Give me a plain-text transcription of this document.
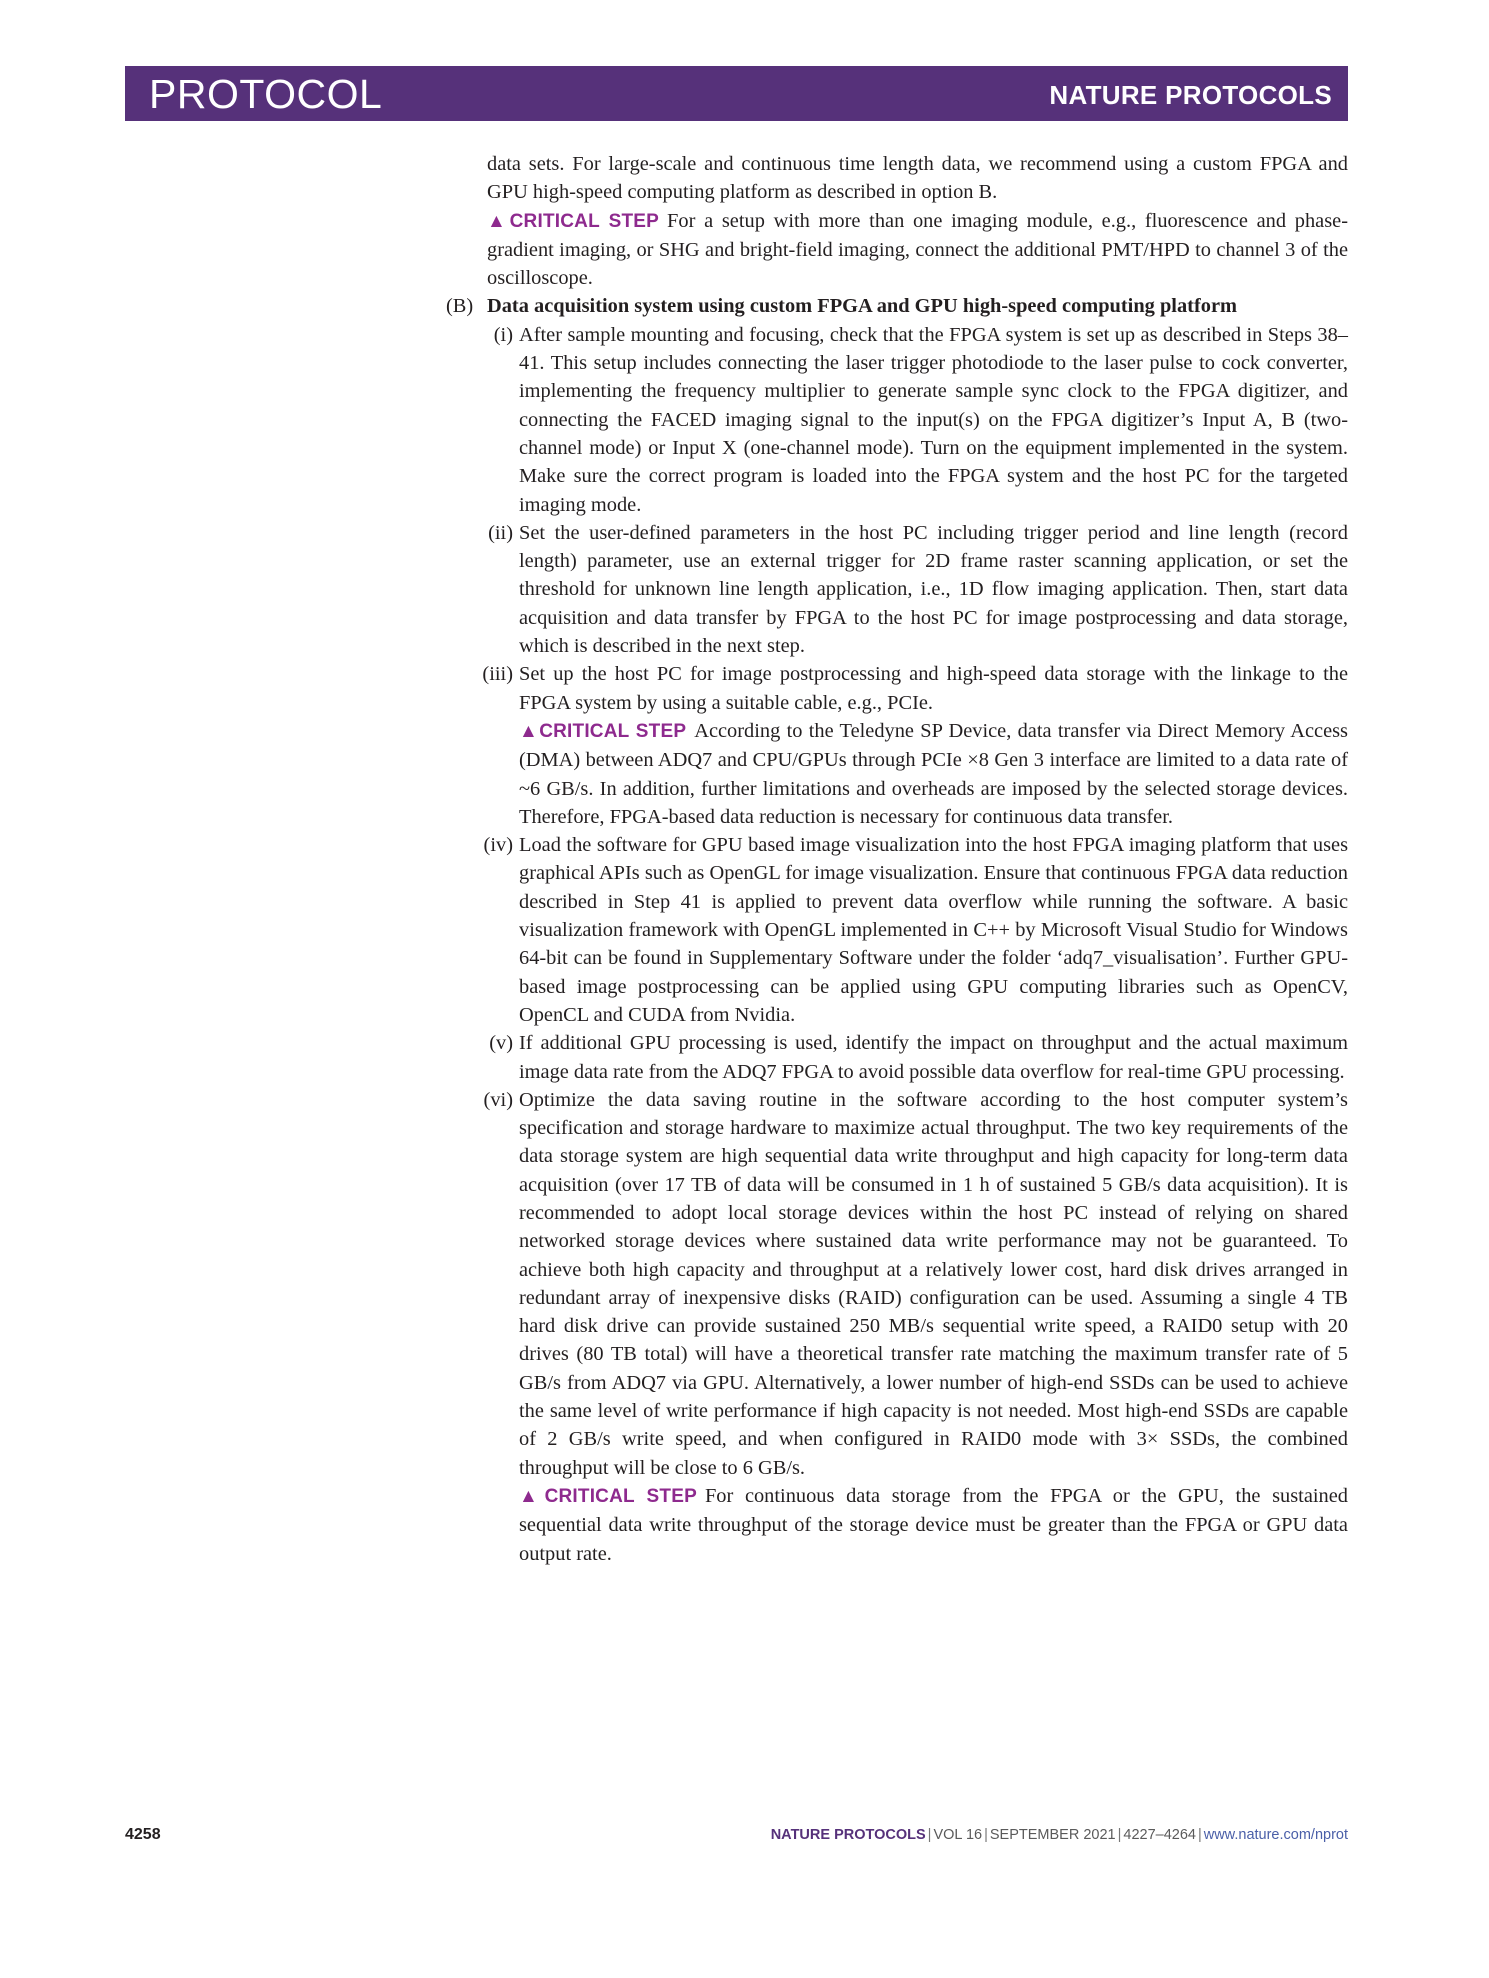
PROTOCOL	NATURE PROTOCOLS

data sets. For large-scale and continuous time length data, we recommend using a custom FPGA and GPU high-speed computing platform as described in option B.

▲CRITICAL STEP For a setup with more than one imaging module, e.g., fluorescence and phase-gradient imaging, or SHG and bright-field imaging, connect the additional PMT/HPD to channel 3 of the oscilloscope.

(B) Data acquisition system using custom FPGA and GPU high-speed computing platform

(i) After sample mounting and focusing, check that the FPGA system is set up as described in Steps 38–41. This setup includes connecting the laser trigger photodiode to the laser pulse to cock converter, implementing the frequency multiplier to generate sample sync clock to the FPGA digitizer, and connecting the FACED imaging signal to the input(s) on the FPGA digitizer’s Input A, B (two-channel mode) or Input X (one-channel mode). Turn on the equipment implemented in the system. Make sure the correct program is loaded into the FPGA system and the host PC for the targeted imaging mode.

(ii) Set the user-defined parameters in the host PC including trigger period and line length (record length) parameter, use an external trigger for 2D frame raster scanning application, or set the threshold for unknown line length application, i.e., 1D flow imaging application. Then, start data acquisition and data transfer by FPGA to the host PC for image postprocessing and data storage, which is described in the next step.

(iii) Set up the host PC for image postprocessing and high-speed data storage with the linkage to the FPGA system by using a suitable cable, e.g., PCIe.

▲CRITICAL STEP According to the Teledyne SP Device, data transfer via Direct Memory Access (DMA) between ADQ7 and CPU/GPUs through PCIe ×8 Gen 3 interface are limited to a data rate of ~6 GB/s. In addition, further limitations and overheads are imposed by the selected storage devices. Therefore, FPGA-based data reduction is necessary for continuous data transfer.

(iv) Load the software for GPU based image visualization into the host FPGA imaging platform that uses graphical APIs such as OpenGL for image visualization. Ensure that continuous FPGA data reduction described in Step 41 is applied to prevent data overflow while running the software. A basic visualization framework with OpenGL implemented in C++ by Microsoft Visual Studio for Windows 64-bit can be found in Supplementary Software under the folder ‘adq7_visualisation’. Further GPU-based image postprocessing can be applied using GPU computing libraries such as OpenCV, OpenCL and CUDA from Nvidia.

(v) If additional GPU processing is used, identify the impact on throughput and the actual maximum image data rate from the ADQ7 FPGA to avoid possible data overflow for real-time GPU processing.

(vi) Optimize the data saving routine in the software according to the host computer system’s specification and storage hardware to maximize actual throughput. The two key requirements of the data storage system are high sequential data write throughput and high capacity for long-term data acquisition (over 17 TB of data will be consumed in 1 h of sustained 5 GB/s data acquisition). It is recommended to adopt local storage devices within the host PC instead of relying on shared networked storage devices where sustained data write performance may not be guaranteed. To achieve both high capacity and throughput at a relatively lower cost, hard disk drives arranged in redundant array of inexpensive disks (RAID) configuration can be used. Assuming a single 4 TB hard disk drive can provide sustained 250 MB/s sequential write speed, a RAID0 setup with 20 drives (80 TB total) will have a theoretical transfer rate matching the maximum transfer rate of 5 GB/s from ADQ7 via GPU. Alternatively, a lower number of high-end SSDs can be used to achieve the same level of write performance if high capacity is not needed. Most high-end SSDs are capable of 2 GB/s write speed, and when configured in RAID0 mode with 3× SSDs, the combined throughput will be close to 6 GB/s.

▲CRITICAL STEP For continuous data storage from the FPGA or the GPU, the sustained sequential data write throughput of the storage device must be greater than the FPGA or GPU data output rate.

4258	NATURE PROTOCOLS | VOL 16 | SEPTEMBER 2021 | 4227–4264 | www.nature.com/nprot
